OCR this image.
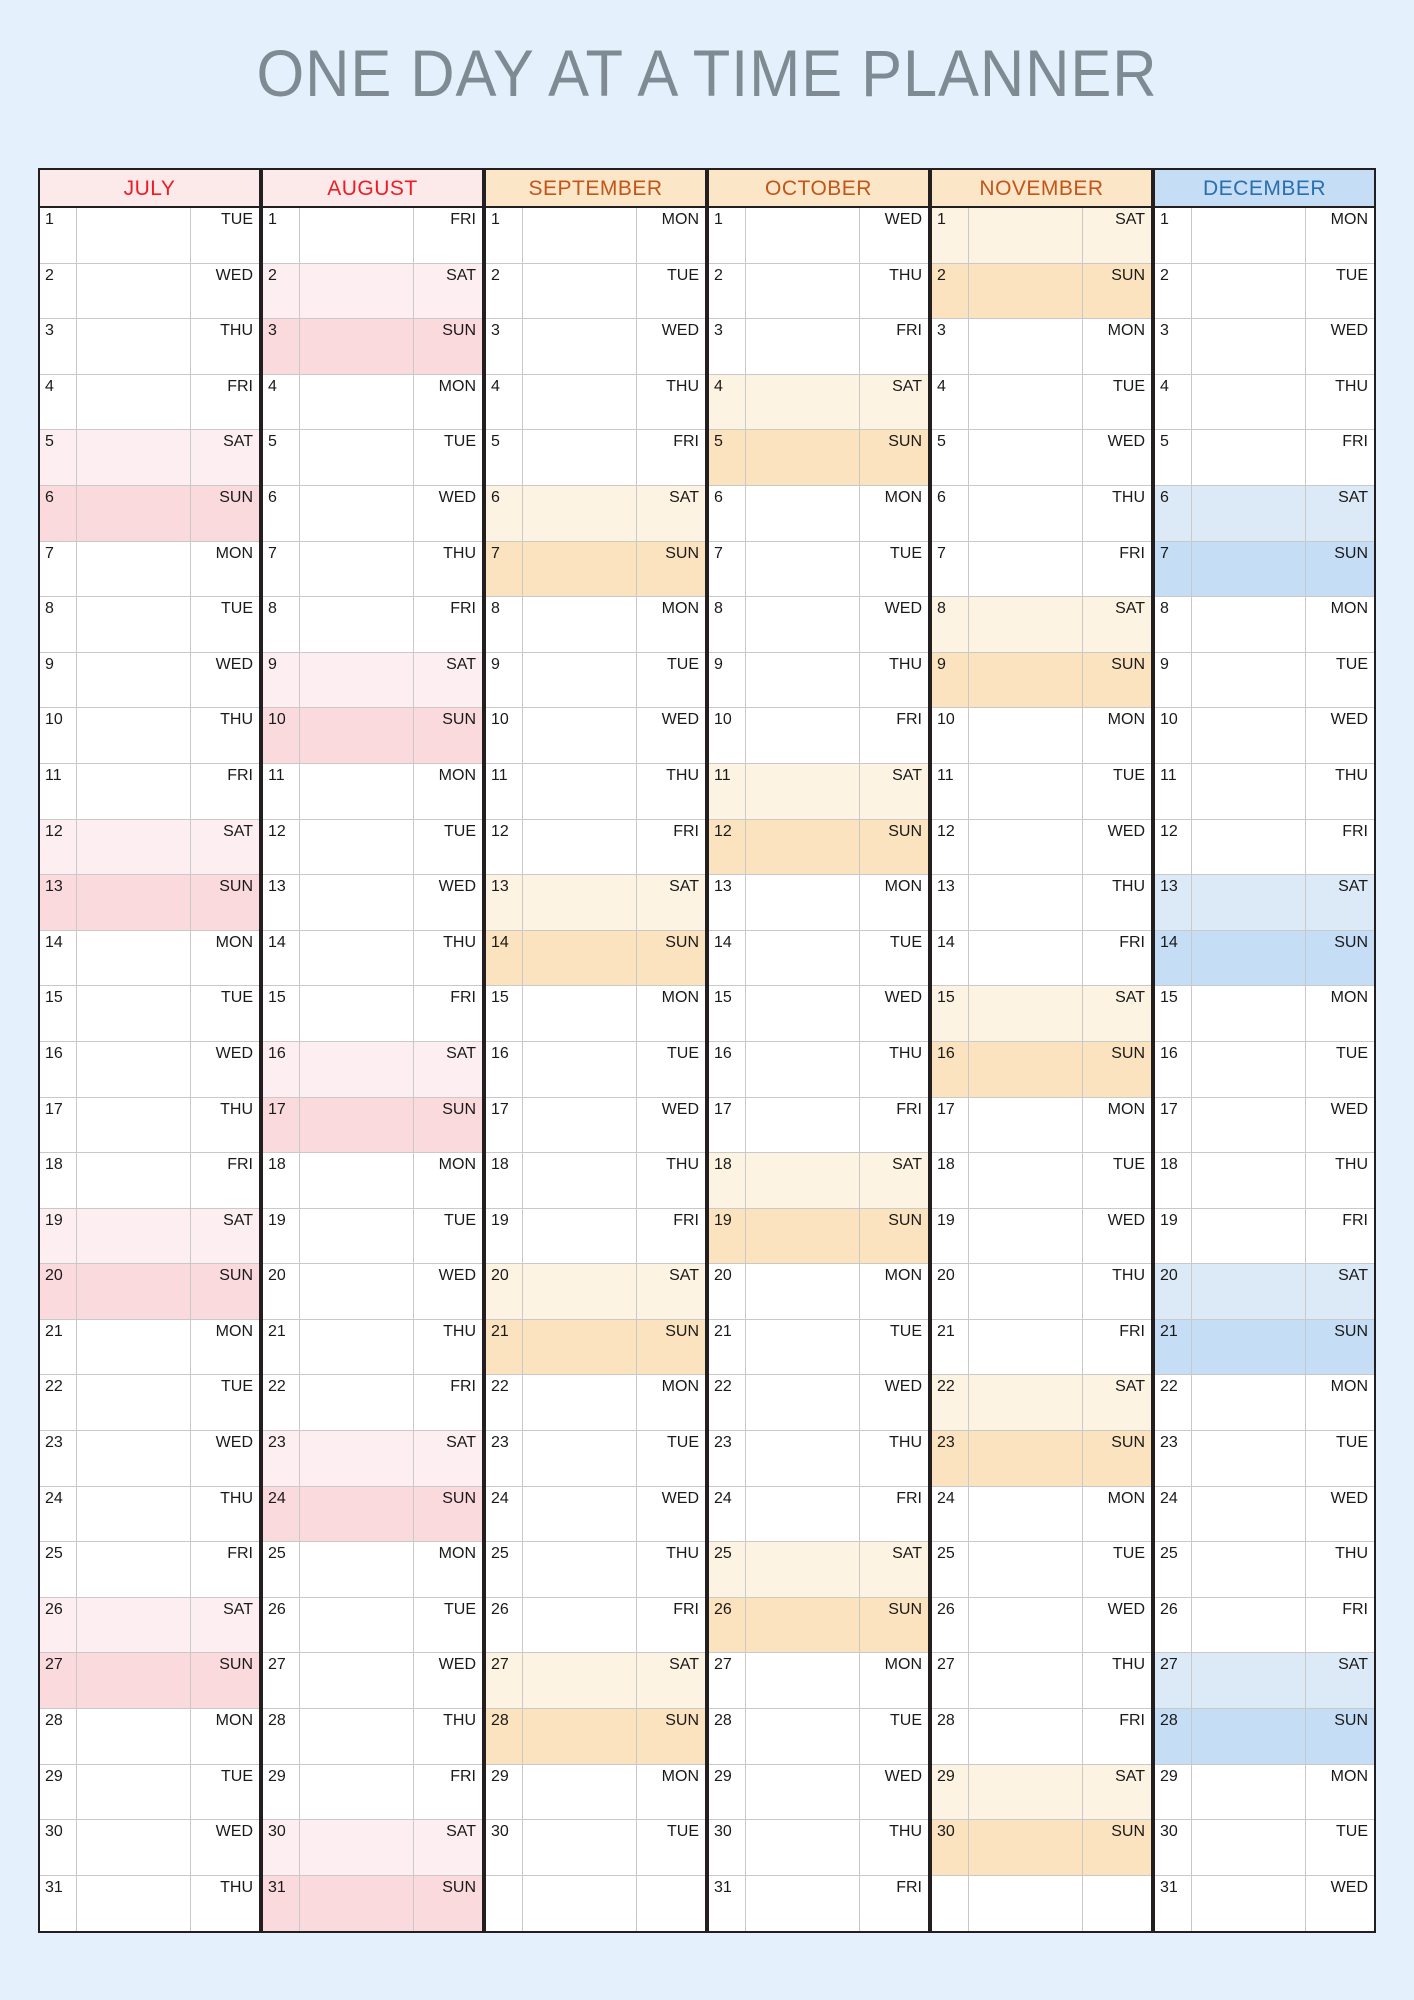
ONE DAY AT A TIME PLANNER
JULY
1	TUE
2	WED
3	THU
4	FRI
5	SAT
6	SUN
7	MON
8	TUE
9	WED
10	THU
11	FRI
12	SAT
13	SUN
14	MON
15	TUE
16	WED
17	THU
18	FRI
19	SAT
20	SUN
21	MON
22	TUE
23	WED
24	THU
25	FRI
26	SAT
27	SUN
28	MON
29	TUE
30	WED
31	THU
AUGUST
1	FRI
2	SAT
3	SUN
4	MON
5	TUE
6	WED
7	THU
8	FRI
9	SAT
10	SUN
11	MON
12	TUE
13	WED
14	THU
15	FRI
16	SAT
17	SUN
18	MON
19	TUE
20	WED
21	THU
22	FRI
23	SAT
24	SUN
25	MON
26	TUE
27	WED
28	THU
29	FRI
30	SAT
31	SUN
SEPTEMBER
1	MON
2	TUE
3	WED
4	THU
5	FRI
6	SAT
7	SUN
8	MON
9	TUE
10	WED
11	THU
12	FRI
13	SAT
14	SUN
15	MON
16	TUE
17	WED
18	THU
19	FRI
20	SAT
21	SUN
22	MON
23	TUE
24	WED
25	THU
26	FRI
27	SAT
28	SUN
29	MON
30	TUE
OCTOBER
1	WED
2	THU
3	FRI
4	SAT
5	SUN
6	MON
7	TUE
8	WED
9	THU
10	FRI
11	SAT
12	SUN
13	MON
14	TUE
15	WED
16	THU
17	FRI
18	SAT
19	SUN
20	MON
21	TUE
22	WED
23	THU
24	FRI
25	SAT
26	SUN
27	MON
28	TUE
29	WED
30	THU
31	FRI
NOVEMBER
1	SAT
2	SUN
3	MON
4	TUE
5	WED
6	THU
7	FRI
8	SAT
9	SUN
10	MON
11	TUE
12	WED
13	THU
14	FRI
15	SAT
16	SUN
17	MON
18	TUE
19	WED
20	THU
21	FRI
22	SAT
23	SUN
24	MON
25	TUE
26	WED
27	THU
28	FRI
29	SAT
30	SUN
DECEMBER
1	MON
2	TUE
3	WED
4	THU
5	FRI
6	SAT
7	SUN
8	MON
9	TUE
10	WED
11	THU
12	FRI
13	SAT
14	SUN
15	MON
16	TUE
17	WED
18	THU
19	FRI
20	SAT
21	SUN
22	MON
23	TUE
24	WED
25	THU
26	FRI
27	SAT
28	SUN
29	MON
30	TUE
31	WED
